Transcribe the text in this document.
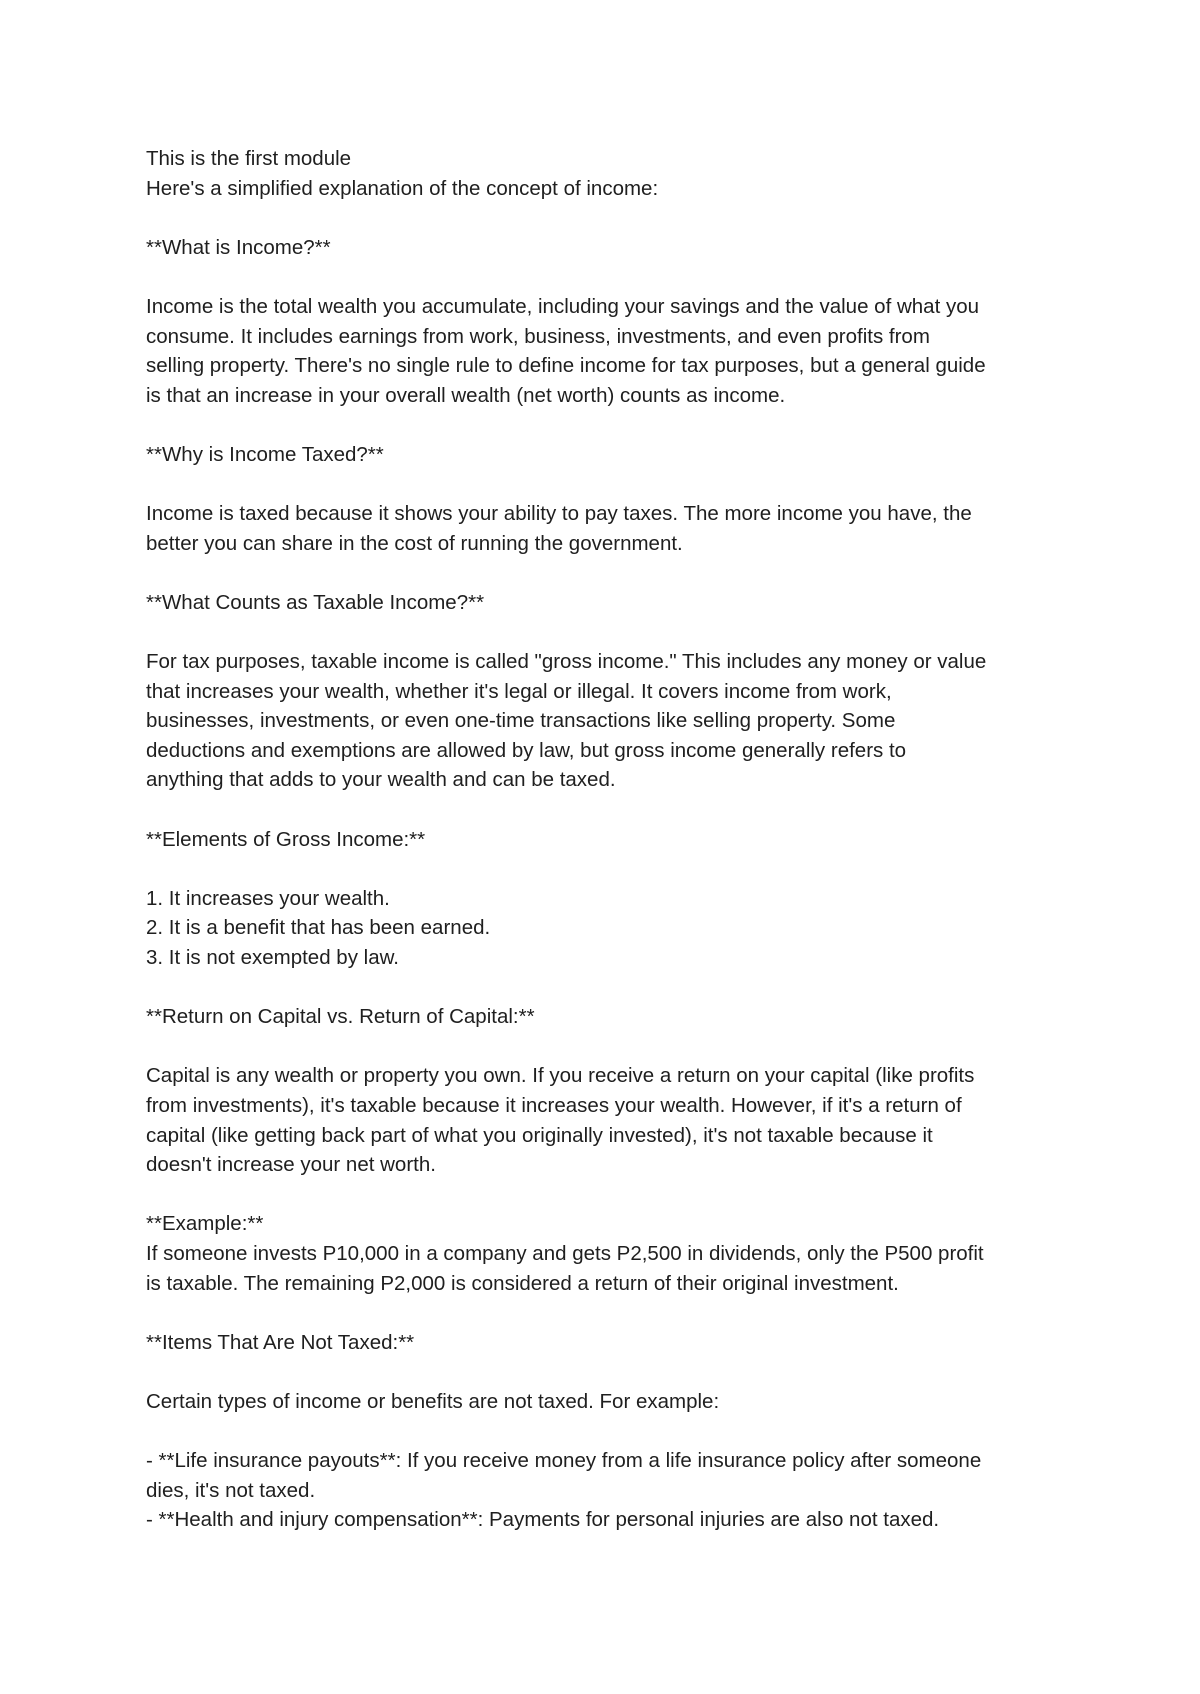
This is the first module
Here's a simplified explanation of the concept of income:
**What is Income?**
Income is the total wealth you accumulate, including your savings and the value of what you
consume. It includes earnings from work, business, investments, and even profits from
selling property. There's no single rule to define income for tax purposes, but a general guide
is that an increase in your overall wealth (net worth) counts as income.
**Why is Income Taxed?**
Income is taxed because it shows your ability to pay taxes. The more income you have, the
better you can share in the cost of running the government.
**What Counts as Taxable Income?**
For tax purposes, taxable income is called "gross income." This includes any money or value
that increases your wealth, whether it's legal or illegal. It covers income from work,
businesses, investments, or even one-time transactions like selling property. Some
deductions and exemptions are allowed by law, but gross income generally refers to
anything that adds to your wealth and can be taxed.
**Elements of Gross Income:**
1. It increases your wealth.
2. It is a benefit that has been earned.
3. It is not exempted by law.
**Return on Capital vs. Return of Capital:**
Capital is any wealth or property you own. If you receive a return on your capital (like profits
from investments), it's taxable because it increases your wealth. However, if it's a return of
capital (like getting back part of what you originally invested), it's not taxable because it
doesn't increase your net worth.
**Example:**
If someone invests P10,000 in a company and gets P2,500 in dividends, only the P500 profit
is taxable. The remaining P2,000 is considered a return of their original investment.
**Items That Are Not Taxed:**
Certain types of income or benefits are not taxed. For example:
- **Life insurance payouts**: If you receive money from a life insurance policy after someone
dies, it's not taxed.
- **Health and injury compensation**: Payments for personal injuries are also not taxed.
